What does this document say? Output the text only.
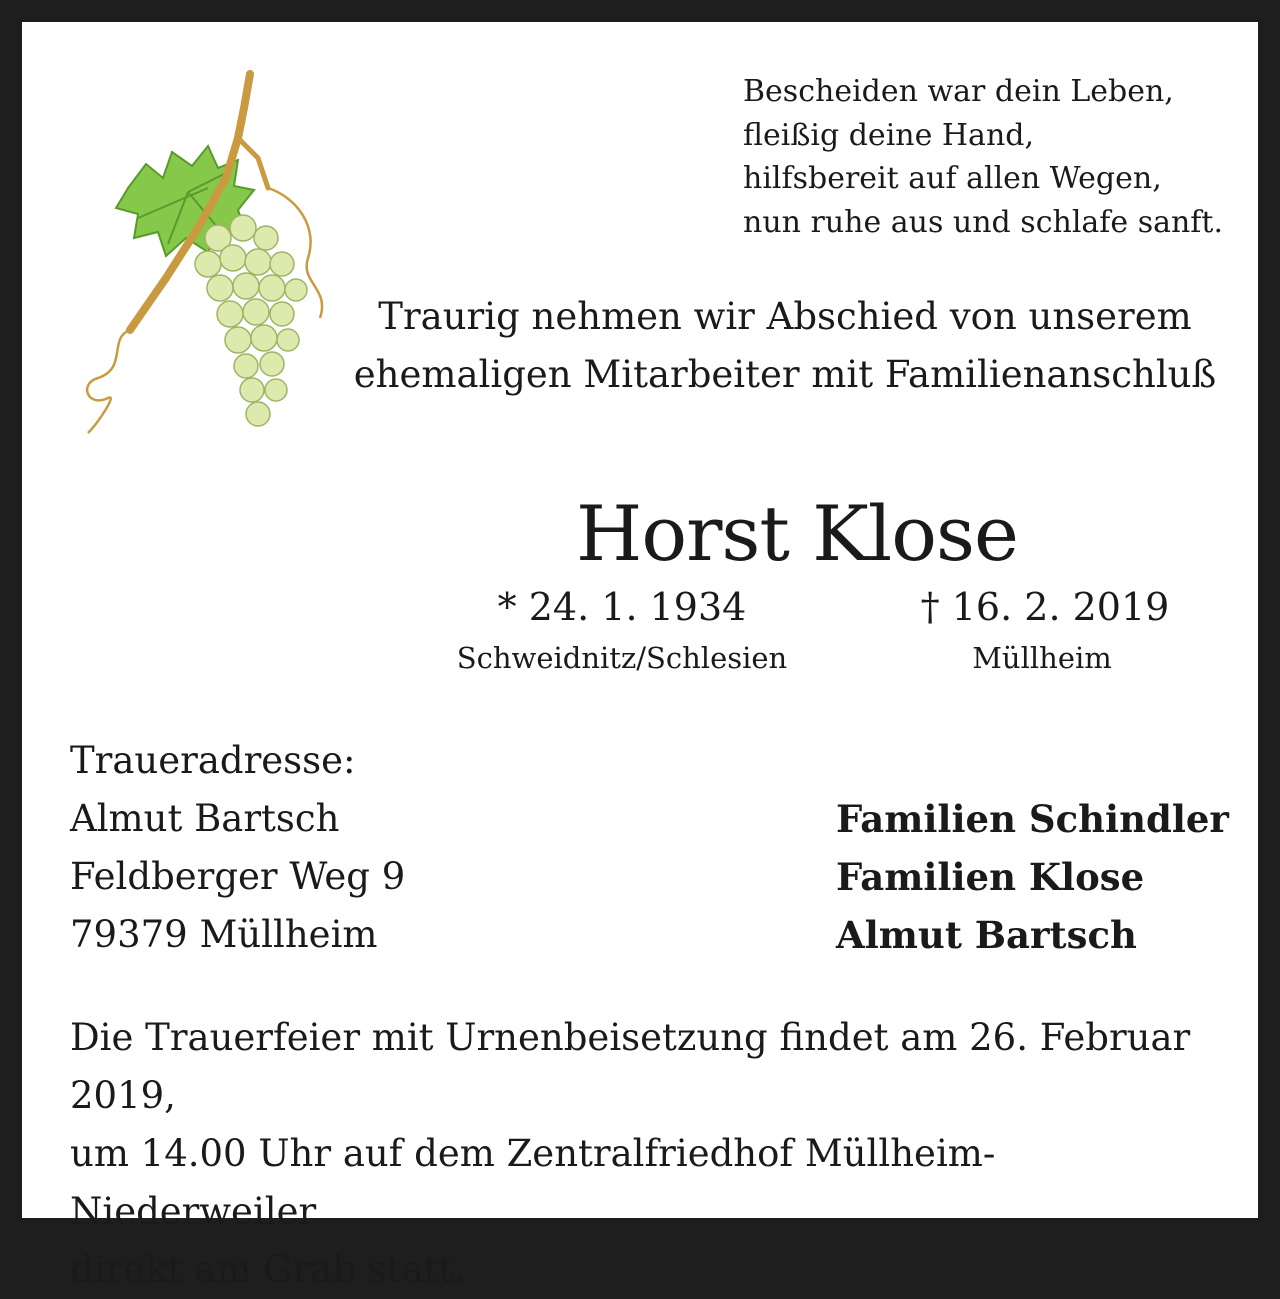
Bescheiden war dein Leben,
fleißig deine Hand,
hilfsbereit auf allen Wegen,
nun ruhe aus und schlafe sanft.
Traurig nehmen wir Abschied von unserem
ehemaligen Mitarbeiter mit Familienanschluß
Horst Klose
* 24. 1. 1934
Schweidnitz/Schlesien
† 16. 2. 2019
Müllheim
Traueradresse:
Almut Bartsch
Feldberger Weg 9
79379 Müllheim
Familien Schindler
Familien Klose
Almut Bartsch
Die Trauerfeier mit Urnenbeisetzung findet am 26. Februar 2019,
um 14.00 Uhr auf dem Zentralfriedhof Müllheim-Niederweiler
direkt am Grab statt.
